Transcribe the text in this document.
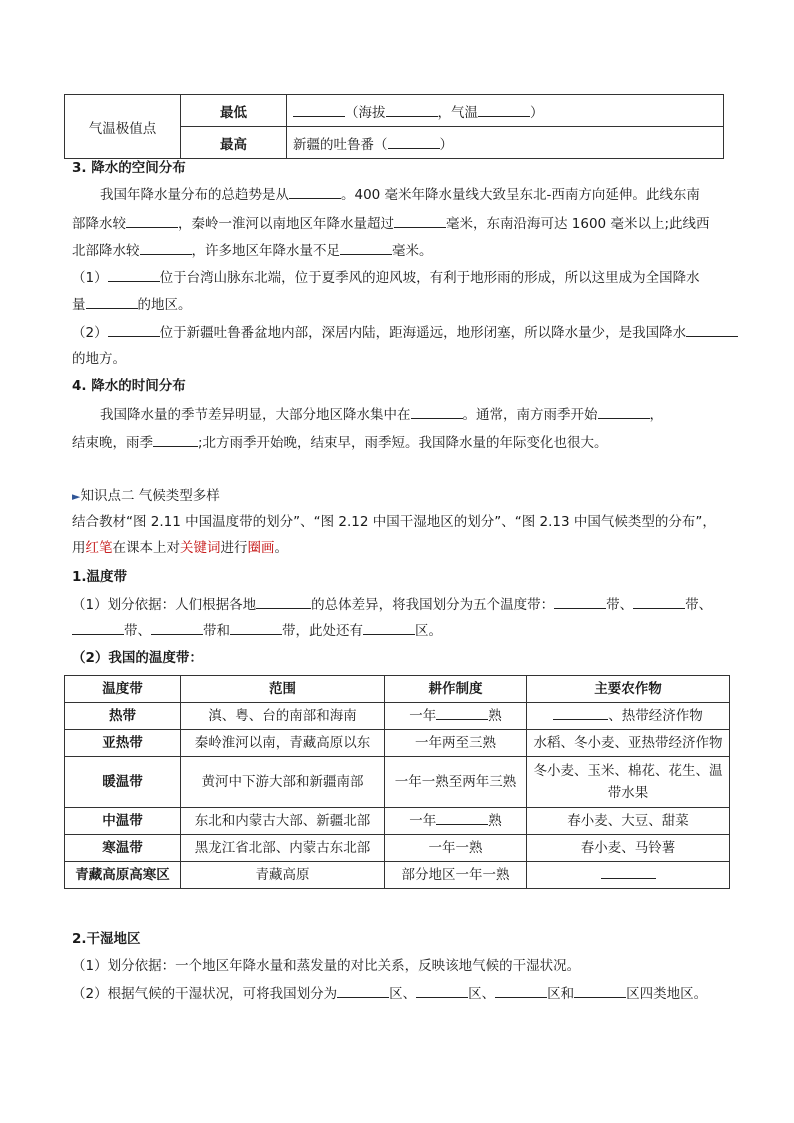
气温极值点	最低	（海拔 ，气温 ）
	最高	新疆的吐鲁番（ ）
3. 降水的空间分布
我国年降水量分布的总趋势是从	。400 毫米年降水量线大致呈东北-西南方向延伸。此线东南
部降水较	，秦岭一淮河以南地区年降水量超过	毫米，东南沿海可达 1600 毫米以上;此线西
北部降水较	，许多地区年降水量不足	毫米。
（1）	位于台湾山脉东北端，位于夏季风的迎风坡，有利于地形雨的形成，所以这里成为全国降水
量	的地区。
（2）	位于新疆吐鲁番盆地内部，深居内陆，距海遥远，地形闭塞，所以降水量少，是我国降水
的地方。
4. 降水的时间分布
我国降水量的季节差异明显，大部分地区降水集中在	。通常，南方雨季开始	，
结束晚，雨季	;北方雨季开始晚，结束早，雨季短。我国降水量的年际变化也很大。
►知识点二 气候类型多样
结合教材“图 2.11 中国温度带的划分”、“图 2.12 中国干湿地区的划分”、“图 2.13 中国气候类型的分布”，
用红笔在课本上对关键词进行圈画。
1.温度带
（1）划分依据：人们根据各地	的总体差异，将我国划分为五个温度带：	带、	带、
带、	带和	带，此处还有	区。
（2）我国的温度带：
温度带	范围	耕作制度	主要农作物
热带	滇、粤、台的南部和海南	一年 熟	、热带经济作物
亚热带	秦岭淮河以南，青藏高原以东	一年两至三熟	水稻、冬小麦、亚热带经济作物
暖温带	黄河中下游大部和新疆南部	一年一熟至两年三熟	冬小麦、玉米、棉花、花生、温
带水果

中温带	东北和内蒙古大部、新疆北部	一年 熟	春小麦、大豆、甜菜
寒温带	黑龙江省北部、内蒙古东北部	一年一熟	春小麦、马铃薯
青藏高原高寒区	青藏高原	部分地区一年一熟	
2.干湿地区
（1）划分依据：一个地区年降水量和蒸发量的对比关系，反映该地气候的干湿状况。
（2）根据气候的干湿状况，可将我国划分为	区、	区、	区和	区四类地区。
